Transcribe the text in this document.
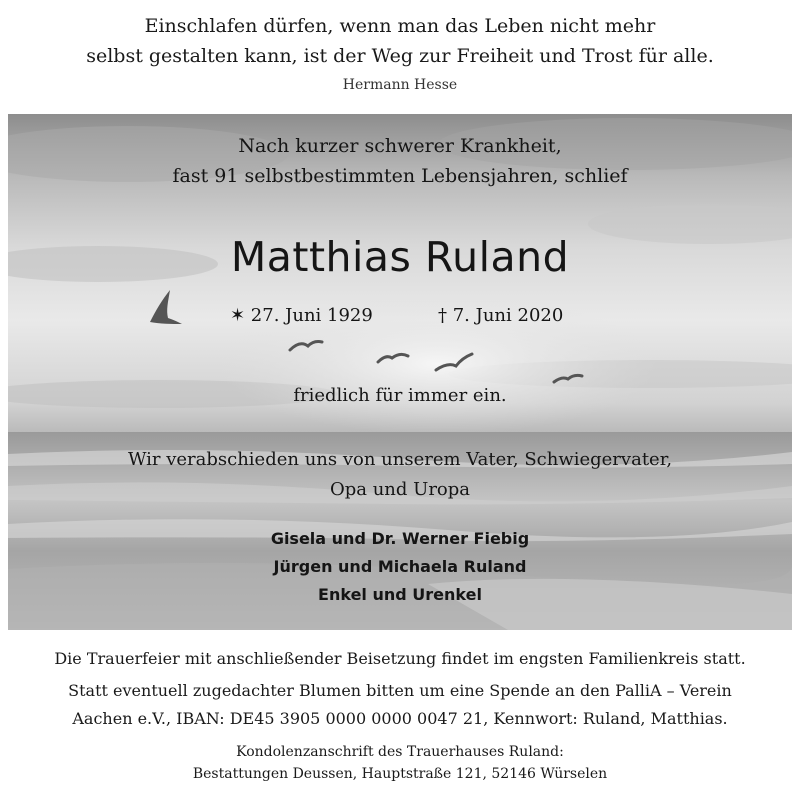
Einschlafen dürfen, wenn man das Leben nicht mehr
selbst gestalten kann, ist der Weg zur Freiheit und Trost für alle.
Hermann Hesse
Nach kurzer schwerer Krankheit,
fast 91 selbstbestimmten Lebensjahren, schlief
Matthias Ruland
✶ 27. Juni 1929	† 7. Juni 2020
friedlich für immer ein.
Wir verabschieden uns von unserem Vater, Schwiegervater,
Opa und Uropa
Gisela und Dr. Werner Fiebig
Jürgen und Michaela Ruland
Enkel und Urenkel
Die Trauerfeier mit anschließender Beisetzung findet im engsten Familienkreis statt.
Statt eventuell zugedachter Blumen bitten um eine Spende an den PalliA – Verein
Aachen e.V., IBAN: DE45 3905 0000 0000 0047 21, Kennwort: Ruland, Matthias.
Kondolenzanschrift des Trauerhauses Ruland:
Bestattungen Deussen, Hauptstraße 121, 52146 Würselen
